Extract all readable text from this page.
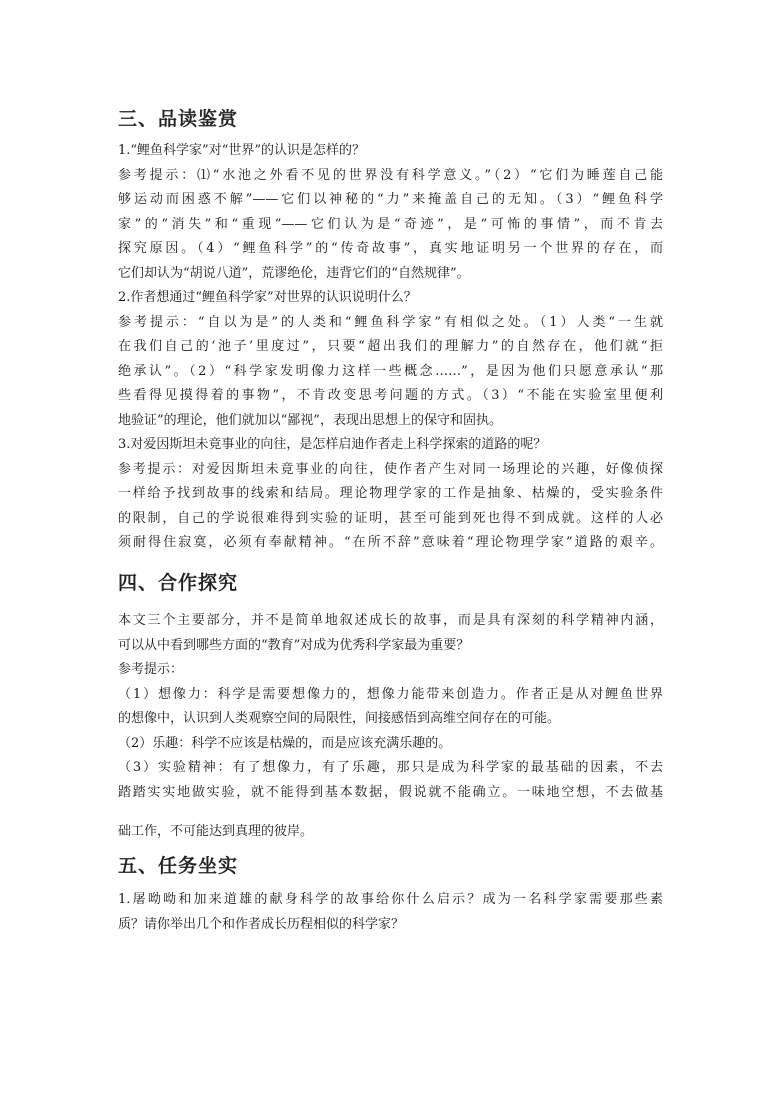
三、品读鉴赏
1.“鲤鱼科学家”对“世界”的认识是怎样的？
参考提示：⑴“水池之外看不见的世界没有科学意义。”（2）“它们为睡莲自己能
够运动而困惑不解”——它们以神秘的“力”来掩盖自己的无知。（3）“鲤鱼科学
家”的“消失”和“重现”——它们认为是“奇迹”，是“可怖的事情”，而不肯去
探究原因。（4）“鲤鱼科学”的“传奇故事”，真实地证明另一个世界的存在，而
它们却认为“胡说八道”，荒谬绝伦，违背它们的“自然规律”。
2.作者想通过“鲤鱼科学家”对世界的认识说明什么？
参考提示：“自以为是”的人类和“鲤鱼科学家”有相似之处。（1）人类“一生就
在我们自己的‘池子’里度过”，只要“超出我们的理解力”的自然存在，他们就“拒
绝承认”。（2）“科学家发明像力这样一些概念……”，是因为他们只愿意承认“那
些看得见摸得着的事物”，不肯改变思考问题的方式。（3）“不能在实验室里便利
地验证”的理论，他们就加以“鄙视”，表现出思想上的保守和固执。
3.对爱因斯坦未竟事业的向往，是怎样启迪作者走上科学探索的道路的呢？
参考提示：对爱因斯坦未竟事业的向往，使作者产生对同一场理论的兴趣，好像侦探
一样给予找到故事的线索和结局。理论物理学家的工作是抽象、枯燥的，受实验条件
的限制，自己的学说很难得到实验的证明，甚至可能到死也得不到成就。这样的人必
须耐得住寂寞，必须有奉献精神。“在所不辞”意味着“理论物理学家”道路的艰辛。
四、合作探究
本文三个主要部分，并不是简单地叙述成长的故事，而是具有深刻的科学精神内涵，
可以从中看到哪些方面的“教育”对成为优秀科学家最为重要？
参考提示：
（1）想像力：科学是需要想像力的，想像力能带来创造力。作者正是从对鲤鱼世界
的想像中，认识到人类观察空间的局限性，间接感悟到高维空间存在的可能。
（2）乐趣：科学不应该是枯燥的，而是应该充满乐趣的。
（3）实验精神：有了想像力，有了乐趣，那只是成为科学家的最基础的因素，不去
踏踏实实地做实验，就不能得到基本数据，假说就不能确立。一味地空想，不去做基
础工作，不可能达到真理的彼岸。
五、任务坐实
1.屠呦呦和加来道雄的献身科学的故事给你什么启示？成为一名科学家需要那些素
质？请你举出几个和作者成长历程相似的科学家？
